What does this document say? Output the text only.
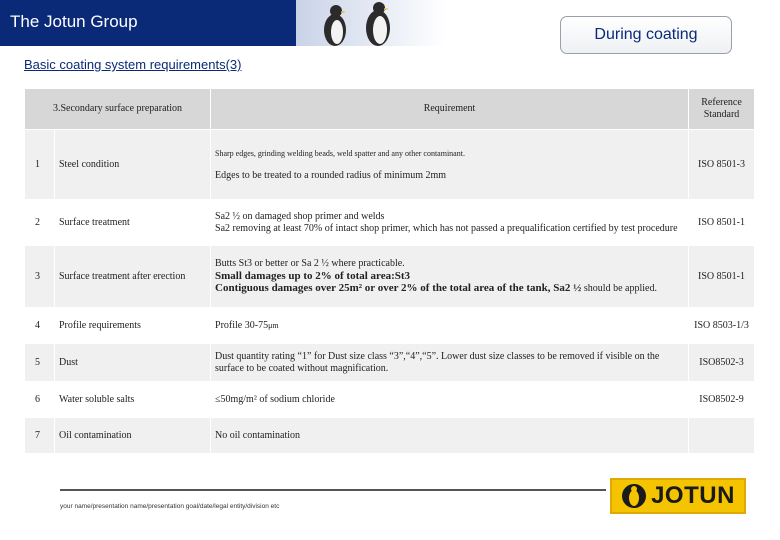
The Jotun Group
During coating
Basic coating system requirements(3)
3.Secondary surface preparation		Requirement	Reference Standard
1	Steel condition	Sharp edges, grinding welding beads, weld spatter and any other contaminant.
Edges to be treated to a rounded radius of minimum 2mm	ISO 8501-3
2	Surface treatment	Sa2 ½ on damaged shop primer and welds
Sa2 removing at least 70% of intact shop primer, which has not passed a prequalification certified by test procedure	ISO 8501-1
3	Surface treatment after erection	Butts St3 or better or Sa 2 ½ where practicable.
Small damages up to 2% of total area:St3
Contiguous damages over 25m² or over 2% of the total area of the tank, Sa2 ½ should be applied.	ISO 8501-1
4	Profile requirements	Profile 30-75μm	ISO 8503-1/3
5	Dust	Dust quantity rating “1” for Dust size class “3”,“4”,“5”. Lower dust size classes to be removed if visible on the surface to be coated without magnification.	ISO8502-3
6	Water soluble salts	≤50mg/m² of sodium chloride	ISO8502-9
7	Oil contamination	No oil contamination	
your name/presentation name/presentation goal/date/legal entity/division etc	JOTUN
